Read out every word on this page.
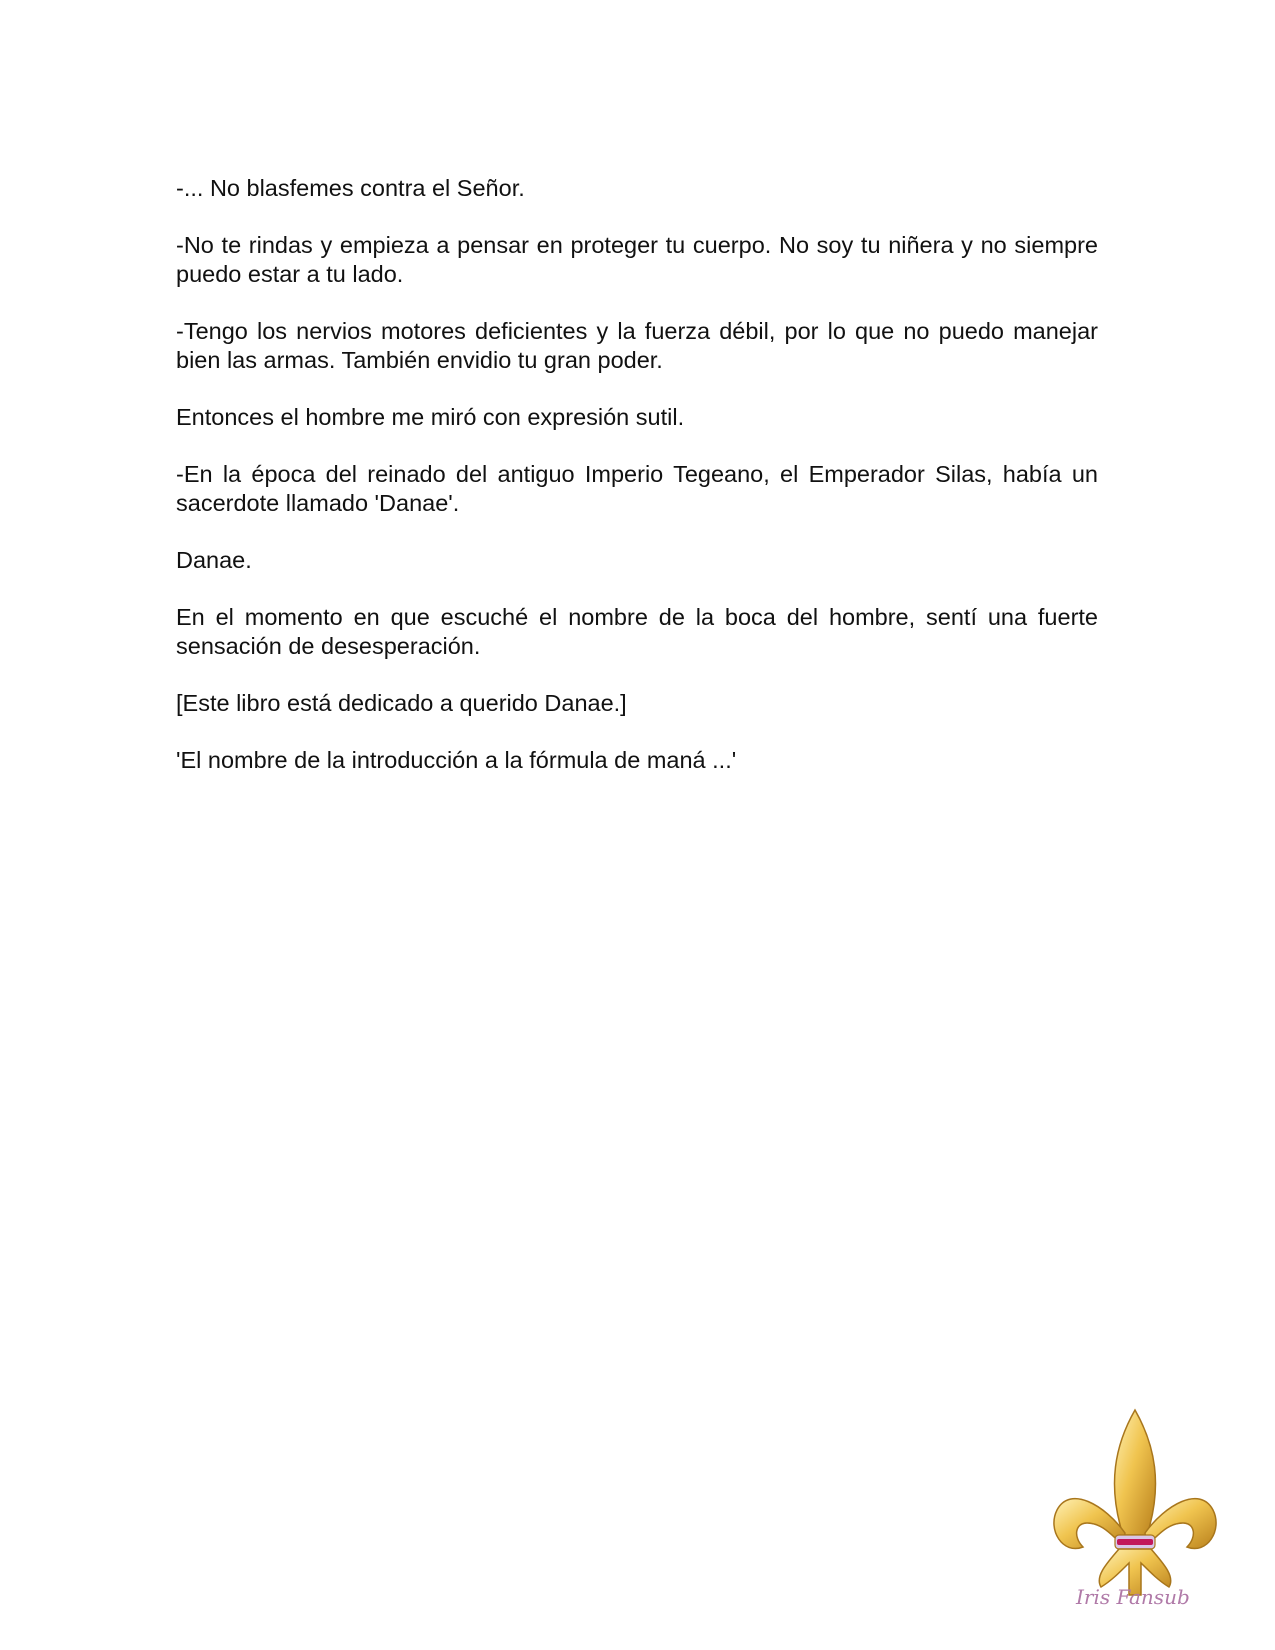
-... No blasfemes contra el Señor.

-No te rindas y empieza a pensar en proteger tu cuerpo. No soy tu niñera y no siempre puedo estar a tu lado.

-Tengo los nervios motores deficientes y la fuerza débil, por lo que no puedo manejar bien las armas. También envidio tu gran poder.

Entonces el hombre me miró con expresión sutil.

-En la época del reinado del antiguo Imperio Tegeano, el Emperador Silas, había un sacerdote llamado 'Danae'.

Danae.

En el momento en que escuché el nombre de la boca del hombre, sentí una fuerte sensación de desesperación.

[Este libro está dedicado a querido Danae.]

'El nombre de la introducción a la fórmula de maná ...'

Iris Fansub
